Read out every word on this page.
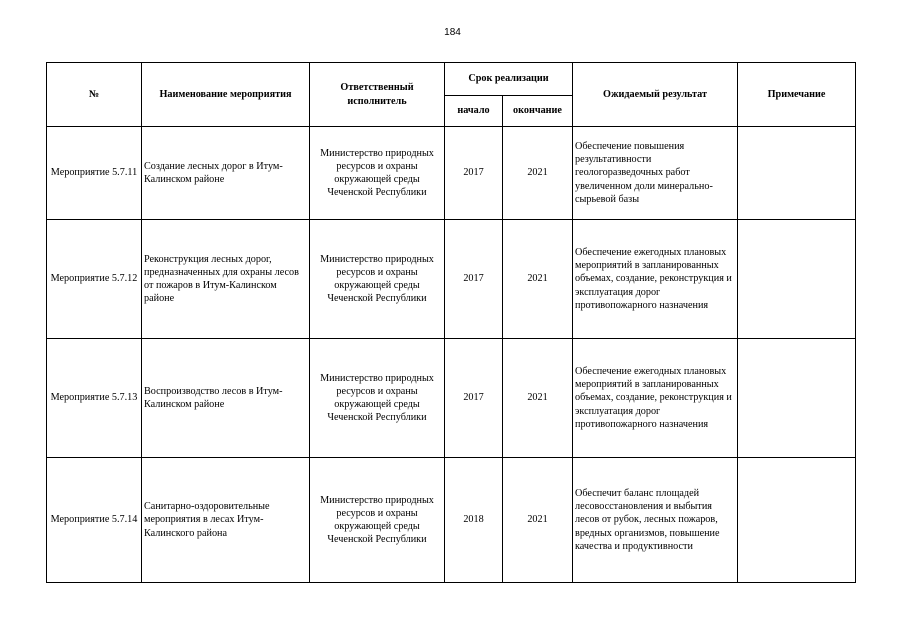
184
№	Наименование мероприятия	Ответственный исполнитель	Срок реализации		Ожидаемый результат	Примечание
			начало	окончание		
Мероприятие 5.7.11	Создание лесных дорог в Итум-Калинском районе	Министерство природных ресурсов и охраны окружающей среды Чеченской Республики	2017	2021	Обеспечение повышения результативности геологоразведочных работ увеличенном доли минерально-сырьевой базы	
Мероприятие 5.7.12	Реконструкция лесных дорог, предназначенных для охраны лесов от пожаров в Итум-Калинском районе	Министерство природных ресурсов и охраны окружающей среды Чеченской Республики	2017	2021	Обеспечение ежегодных плановых мероприятий в запланированных объемах, создание, реконструкция и эксплуатация дорог противопожарного назначения	
Мероприятие 5.7.13	Воспроизводство лесов в Итум-Калинском районе	Министерство природных ресурсов и охраны окружающей среды Чеченской Республики	2017	2021	Обеспечение ежегодных плановых мероприятий в запланированных объемах, создание, реконструкция и эксплуатация дорог противопожарного назначения	
Мероприятие 5.7.14	Санитарно-оздоровительные мероприятия в лесах Итум-Калинского района	Министерство природных ресурсов и охраны окружающей среды Чеченской Республики	2018	2021	Обеспечит баланс площадей лесовосстановления и выбытия лесов от рубок, лесных пожаров, вредных организмов, повышение качества и продуктивности	
